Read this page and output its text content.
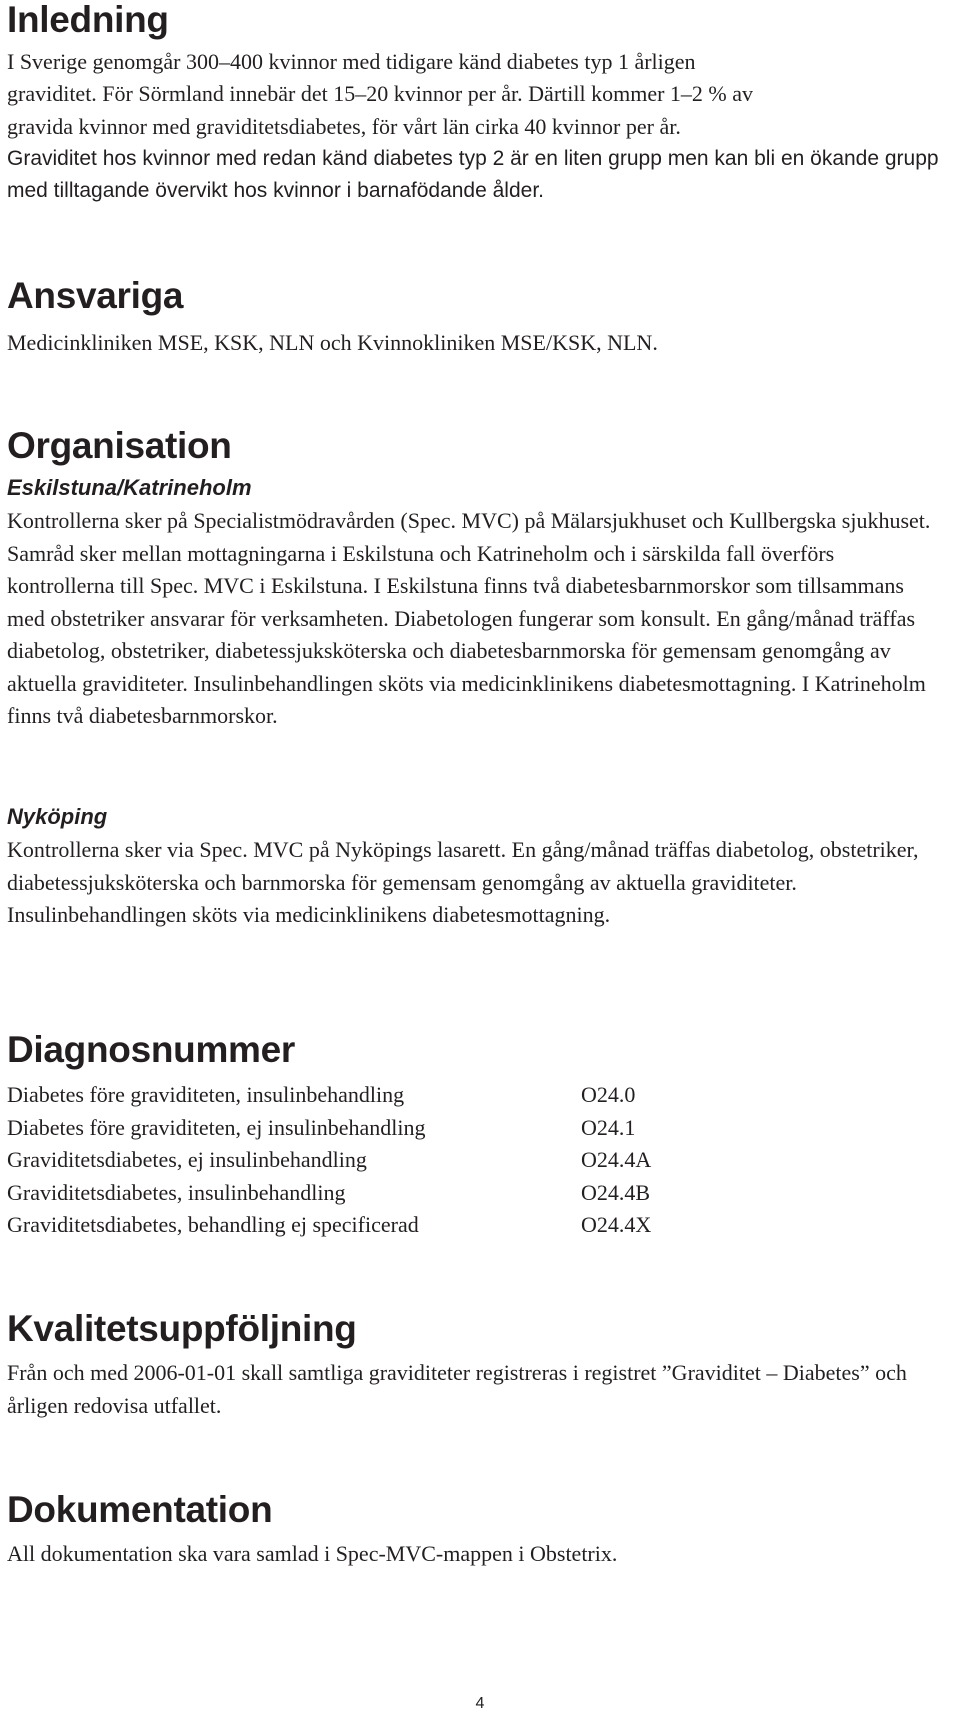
Inledning

I Sverige genomgår 300–400 kvinnor med tidigare känd diabetes typ 1 årligen

graviditet. För Sörmland innebär det 15–20 kvinnor per år. Därtill kommer 1–2 % av

gravida kvinnor med graviditetsdiabetes, för vårt län cirka 40 kvinnor per år.

Graviditet hos kvinnor med redan känd diabetes typ 2 är en liten grupp men kan bli en ökande grupp med tilltagande övervikt hos kvinnor i barnafödande ålder.

Ansvariga

Medicinkliniken MSE, KSK, NLN och Kvinnokliniken MSE/KSK, NLN.

Organisation
Eskilstuna/Katrineholm

Kontrollerna sker på Specialistmödravården (Spec. MVC) på Mälarsjukhuset och Kullbergska sjukhuset. Samråd sker mellan mottagningarna i Eskilstuna och Katrineholm och i särskilda fall överförs kontrollerna till Spec. MVC i Eskilstuna. I Eskilstuna finns två diabetesbarnmorskor som tillsammans med obstetriker ansvarar för verksamheten. Diabetologen fungerar som konsult. En gång/månad träffas diabetolog, obstetriker, diabetessjuksköterska och diabetesbarnmorska för gemensam genomgång av aktuella graviditeter. Insulinbehandlingen sköts via medicinklinikens diabetesmottagning. I Katrineholm finns två diabetesbarnmorskor.

Nyköping

Kontrollerna sker via Spec. MVC på Nyköpings lasarett. En gång/månad träffas diabetolog, obstetriker, diabetessjuksköterska och barnmorska för gemensam genomgång av aktuella graviditeter. Insulinbehandlingen sköts via medicinklinikens diabetesmottagning.

Diagnosnummer
Diabetes före graviditeten, insulinbehandling	O24.0
Diabetes före graviditeten, ej insulinbehandling	O24.1
Graviditetsdiabetes, ej insulinbehandling	O24.4A
Graviditetsdiabetes, insulinbehandling	O24.4B
Graviditetsdiabetes, behandling ej specificerad	O24.4X
Kvalitetsuppföljning

Från och med 2006-01-01 skall samtliga graviditeter registreras i registret ”Graviditet – Diabetes” och årligen redovisa utfallet.

Dokumentation

All dokumentation ska vara samlad i Spec-MVC-mappen i Obstetrix.

4
